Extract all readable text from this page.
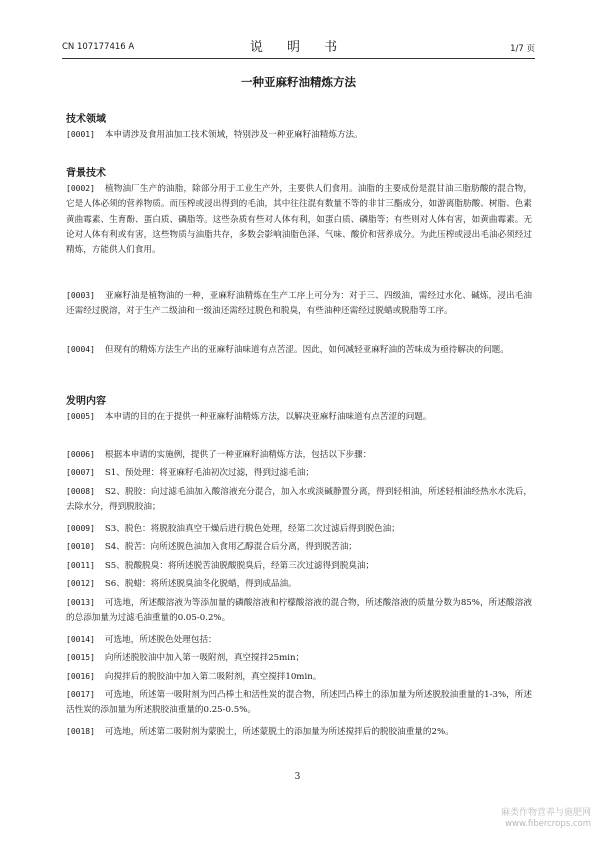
CN 107177416 A	说 明 书	1/7 页
一种亚麻籽油精炼方法
技术领域
[0001] 本申请涉及食用油加工技术领域，特别涉及一种亚麻籽油精炼方法。
背景技术
[0002] 植物油厂生产的油脂，除部分用于工业生产外，主要供人们食用。油脂的主要成份是混甘油三脂肪酸的混合物，它是人体必须的营养物质。而压榨或浸出得到的毛油，其中往往混有数量不等的非甘三酯成分，如游离脂肪酸、树脂、色素黄曲霉素、生育酚、蛋白质、磷脂等。这些杂质有些对人体有利，如蛋白质、磷脂等；有些则对人体有害，如黄曲霉素。无论对人体有利或有害，这些物质与油脂共存，多数会影响油脂色泽、气味、酸价和营养成分。为此压榨或浸出毛油必须经过精炼，方能供人们食用。
[0003] 亚麻籽油是植物油的一种，亚麻籽油精炼在生产工序上可分为：对于三、四级油，需经过水化、碱炼，浸出毛油还需经过脱溶，对于生产二级油和一级油还需经过脱色和脱臭，有些油种还需经过脱蜡或脱脂等工序。
[0004] 但现有的精炼方法生产出的亚麻籽油味道有点苦涩。因此，如何减轻亚麻籽油的苦味成为亟待解决的问题。
发明内容
[0005] 本申请的目的在于提供一种亚麻籽油精炼方法，以解决亚麻籽油味道有点苦涩的问题。
[0006] 根据本申请的实施例，提供了一种亚麻籽油精炼方法，包括以下步骤：
[0007] S1、预处理：将亚麻籽毛油初次过滤，得到过滤毛油；
[0008] S2、脱胶：向过滤毛油加入酸溶液充分混合，加入水或淡碱静置分离，得到轻相油，所述轻相油经热水水洗后，去除水分，得到脱胶油；
[0009] S3、脱色：将脱胶油真空干燥后进行脱色处理，经第二次过滤后得到脱色油；
[0010] S4、脱苦：向所述脱色油加入食用乙醇混合后分离，得到脱苦油；
[0011] S5、脱酸脱臭：将所述脱苦油脱酸脱臭后，经第三次过滤得到脱臭油；
[0012] S6、脱蜡：将所述脱臭油冬化脱蜡，得到成品油。
[0013] 可选地，所述酸溶液为等添加量的磷酸溶液和柠檬酸溶液的混合物，所述酸溶液的质量分数为85%，所述酸溶液的总添加量为过滤毛油重量的0.05-0.2%。
[0014] 可选地，所述脱色处理包括：
[0015] 向所述脱胶油中加入第一吸附剂，真空搅拌25min；
[0016] 向搅拌后的脱胶油中加入第二吸附剂，真空搅拌10min。
[0017] 可选地，所述第一吸附剂为凹凸棒土和活性炭的混合物，所述凹凸棒土的添加量为所述脱胶油重量的1-3%，所述活性炭的添加量为所述脱胶油重量的0.25-0.5%。
[0018] 可选地，所述第二吸附剂为蒙脱土，所述蒙脱土的添加量为所述搅拌后的脱胶油重量的2%。
3
麻类作物营养与施肥网
www.fibercrops.com
